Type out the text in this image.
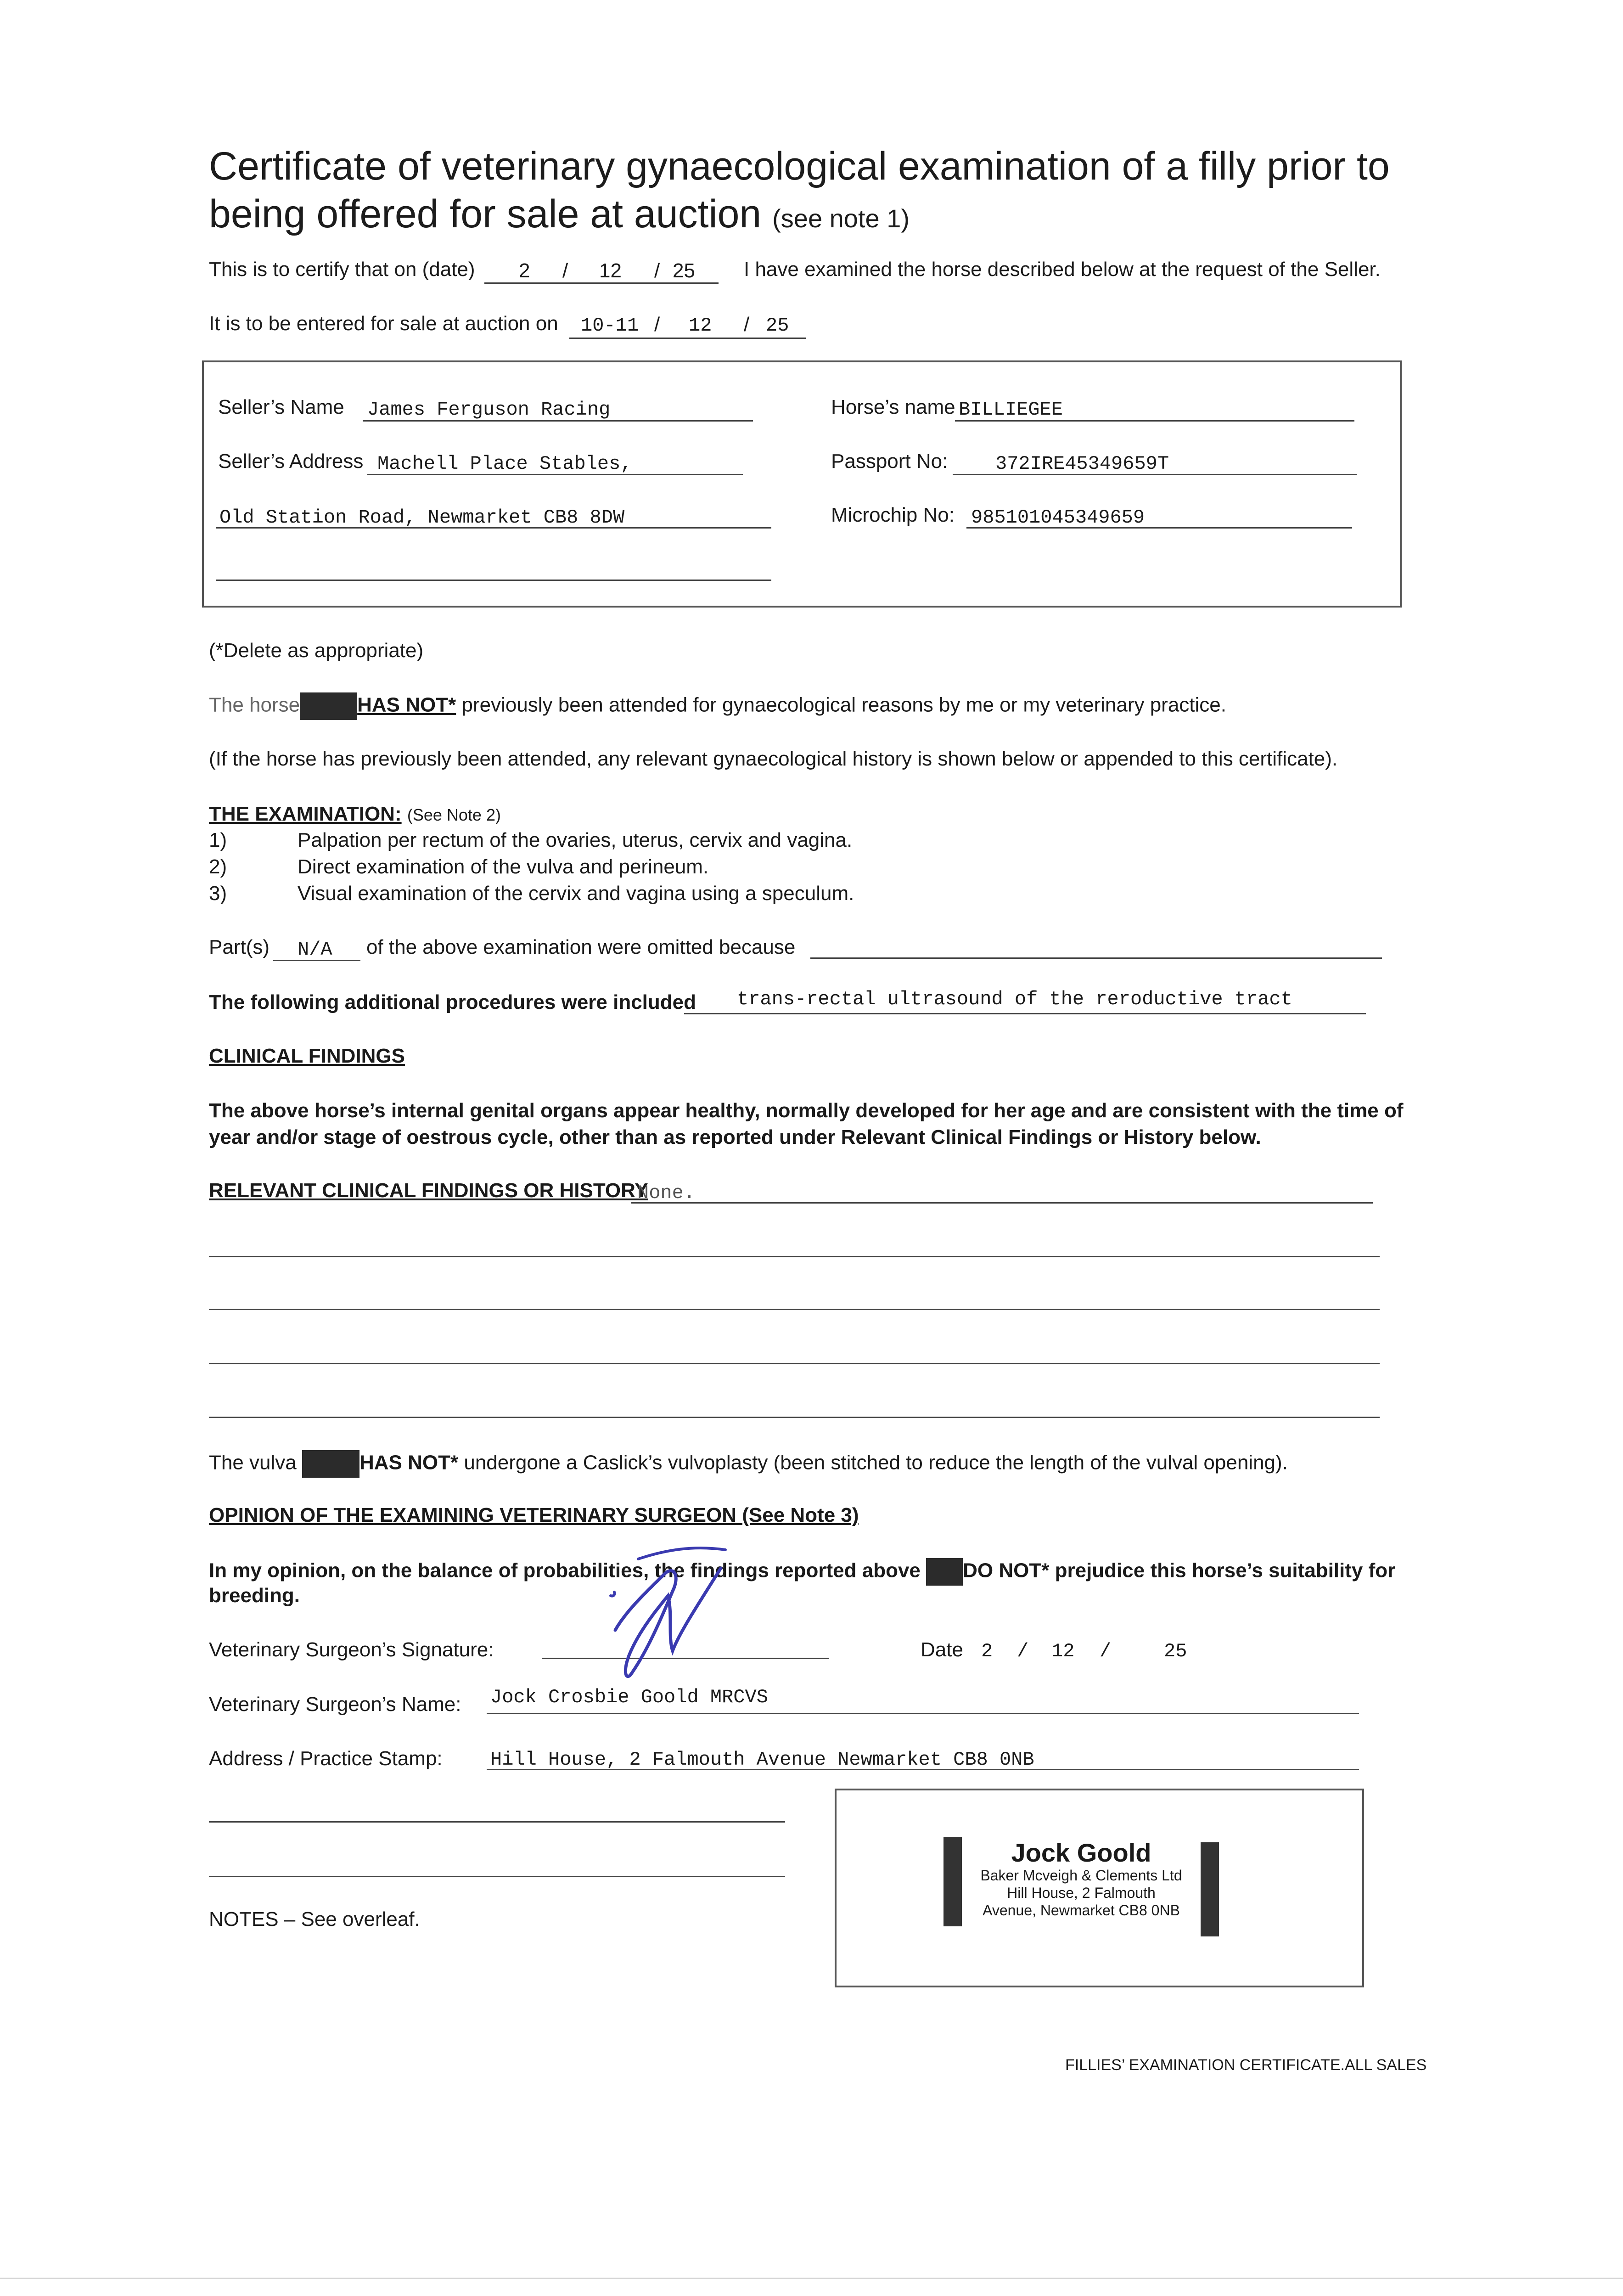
Certificate of veterinary gynaecological examination of a filly prior to
being offered for sale at auction (see note 1)
This is to certify that on (date) 2 / 12 / 25 I have examined the horse described below at the request of the Seller.
It is to be entered for sale at auction on 10-11 / 12 / 25
Seller’s Name James Ferguson Racing
Seller’s Address Machell Place Stables,
Old Station Road, Newmarket CB8 8DW
Horse’s name BILLIEGEE
Passport No: 372IRE45349659T
Microchip No: 985101045349659
(*Delete as appropriate)
The horse	HAS NOT* previously been attended for gynaecological reasons by me or my veterinary practice.
(If the horse has previously been attended, any relevant gynaecological history is shown below or appended to this certificate).
THE EXAMINATION: (See Note 2)
1)	Palpation per rectum of the ovaries, uterus, cervix and vagina.
2)	Direct examination of the vulva and perineum.
3)	Visual examination of the cervix and vagina using a speculum.
Part(s) N/A of the above examination were omitted because
The following additional procedures were included trans-rectal ultrasound of the reroductive tract
CLINICAL FINDINGS
The above horse’s internal genital organs appear healthy, normally developed for her age and are consistent with the time of year and/or stage of oestrous cycle, other than as reported under Relevant Clinical Findings or History below.
RELEVANT CLINICAL FINDINGS OR HISTORY
None.
The vulva	HAS NOT* undergone a Caslick’s vulvoplasty (been stitched to reduce the length of the vulval opening).
OPINION OF THE EXAMINING VETERINARY SURGEON (See Note 3)
In my opinion, on the balance of probabilities, the findings reported above DO NOT* prejudice this horse’s suitability for
breeding.
Veterinary Surgeon’s Signature:	Date 2 / 12 /	25
Veterinary Surgeon’s Name: Jock Crosbie Goold MRCVS
Address / Practice Stamp: Hill House, 2 Falmouth Avenue Newmarket CB8 0NB
Jock Goold
Baker Mcveigh & Clements Ltd
Hill House, 2 Falmouth
Avenue, Newmarket CB8 0NB
NOTES – See overleaf.
FILLIES’ EXAMINATION CERTIFICATE.ALL SALES
